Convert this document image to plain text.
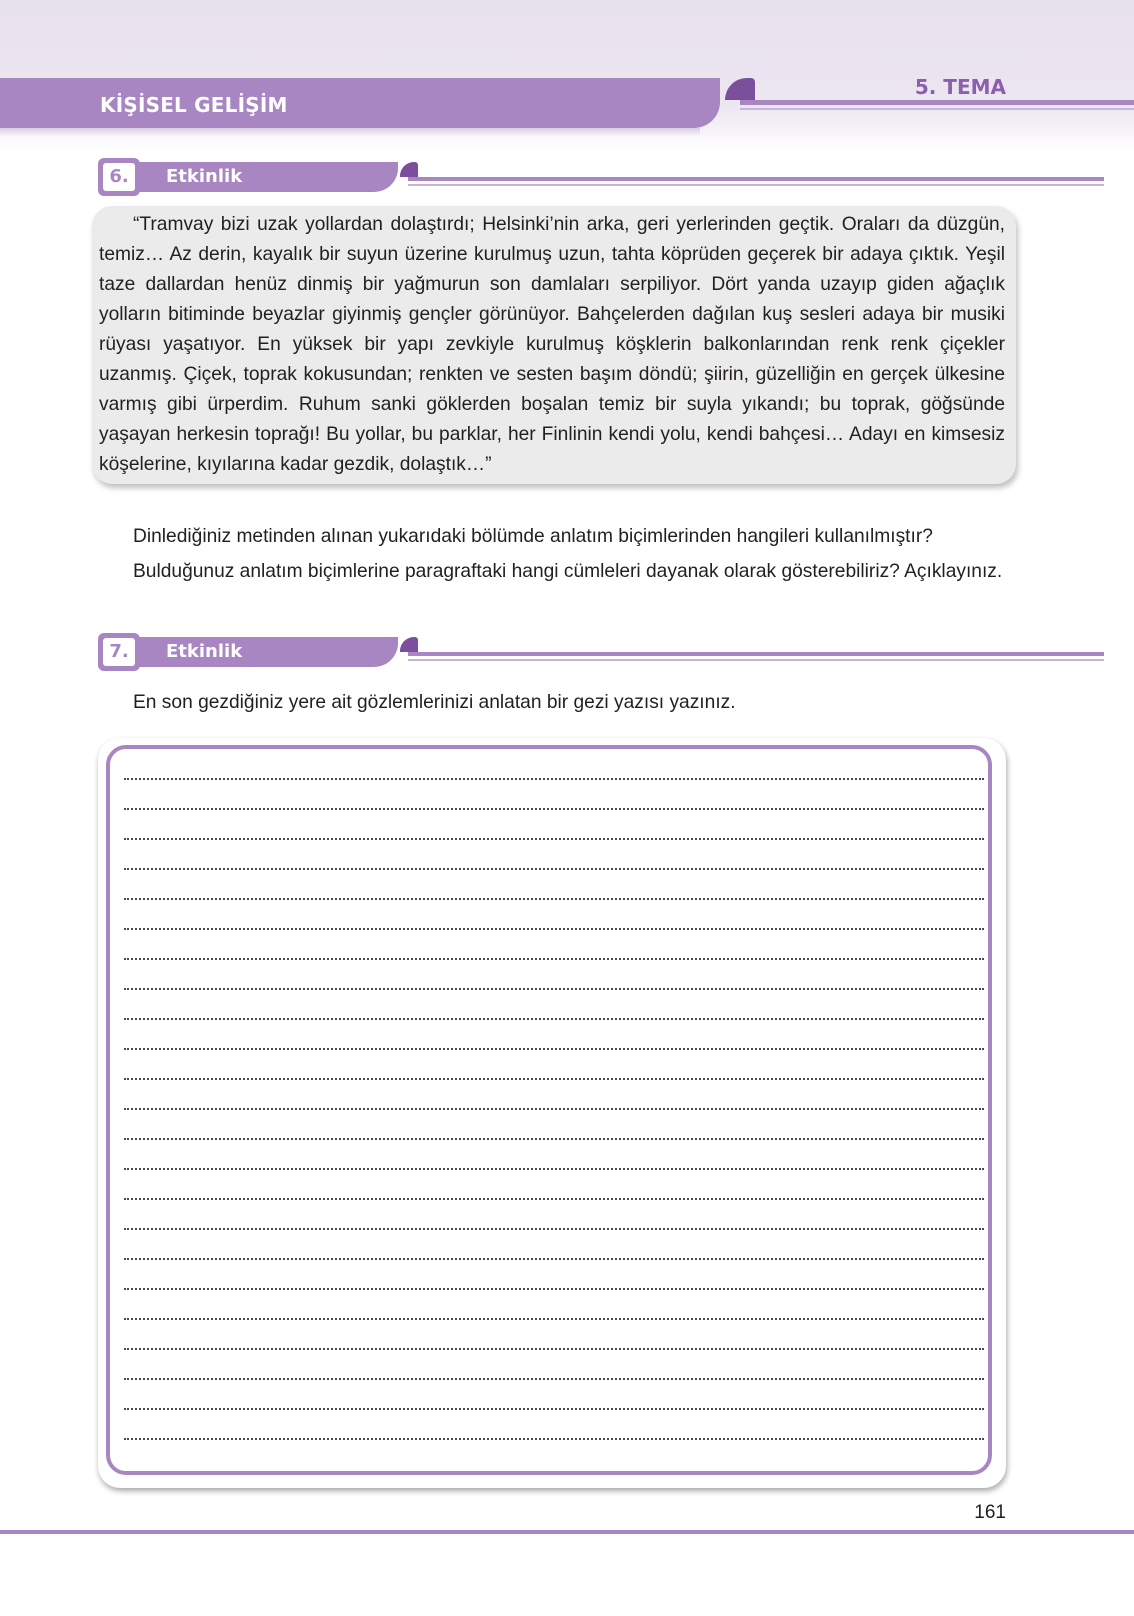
KİŞİSEL GELİŞİM
5. TEMA
6.	Etkinlik

“Tramvay bizi uzak yollardan dolaştırdı; Helsinki’nin arka, geri yerlerinden geçtik. Oraları da düzgün, temiz… Az derin, kayalık bir suyun üzerine kurulmuş uzun, tahta köprüden geçerek bir adaya çıktık. Yeşil taze dallardan henüz dinmiş bir yağmurun son damlaları serpiliyor. Dört yanda uzayıp giden ağaçlık yolların bitiminde beyazlar giyinmiş gençler görünüyor. Bahçelerden dağılan kuş sesleri adaya bir musiki rüyası yaşatıyor. En yüksek bir yapı zevkiyle kurulmuş köşklerin balkonlarından renk renk çiçekler uzanmış. Çiçek, toprak kokusundan; renkten ve sesten başım döndü; şiirin, güzelliğin en gerçek ülkesine varmış gibi ürperdim. Ruhum sanki göklerden boşalan temiz bir suyla yıkandı; bu toprak, göğsünde yaşayan herkesin toprağı! Bu yollar, bu parklar, her Finlinin kendi yolu, kendi bahçesi… Adayı en kimsesiz köşelerine, kıyılarına kadar gezdik, dolaştık…”

Dinlediğiniz metinden alınan yukarıdaki bölümde anlatım biçimlerinden hangileri kullanılmıştır?

Bulduğunuz anlatım biçimlerine paragraftaki hangi cümleleri dayanak olarak gösterebiliriz? Açıklayınız.

7.	Etkinlik

En son gezdiğiniz yere ait gözlemlerinizi anlatan bir gezi yazısı yazınız.

161
